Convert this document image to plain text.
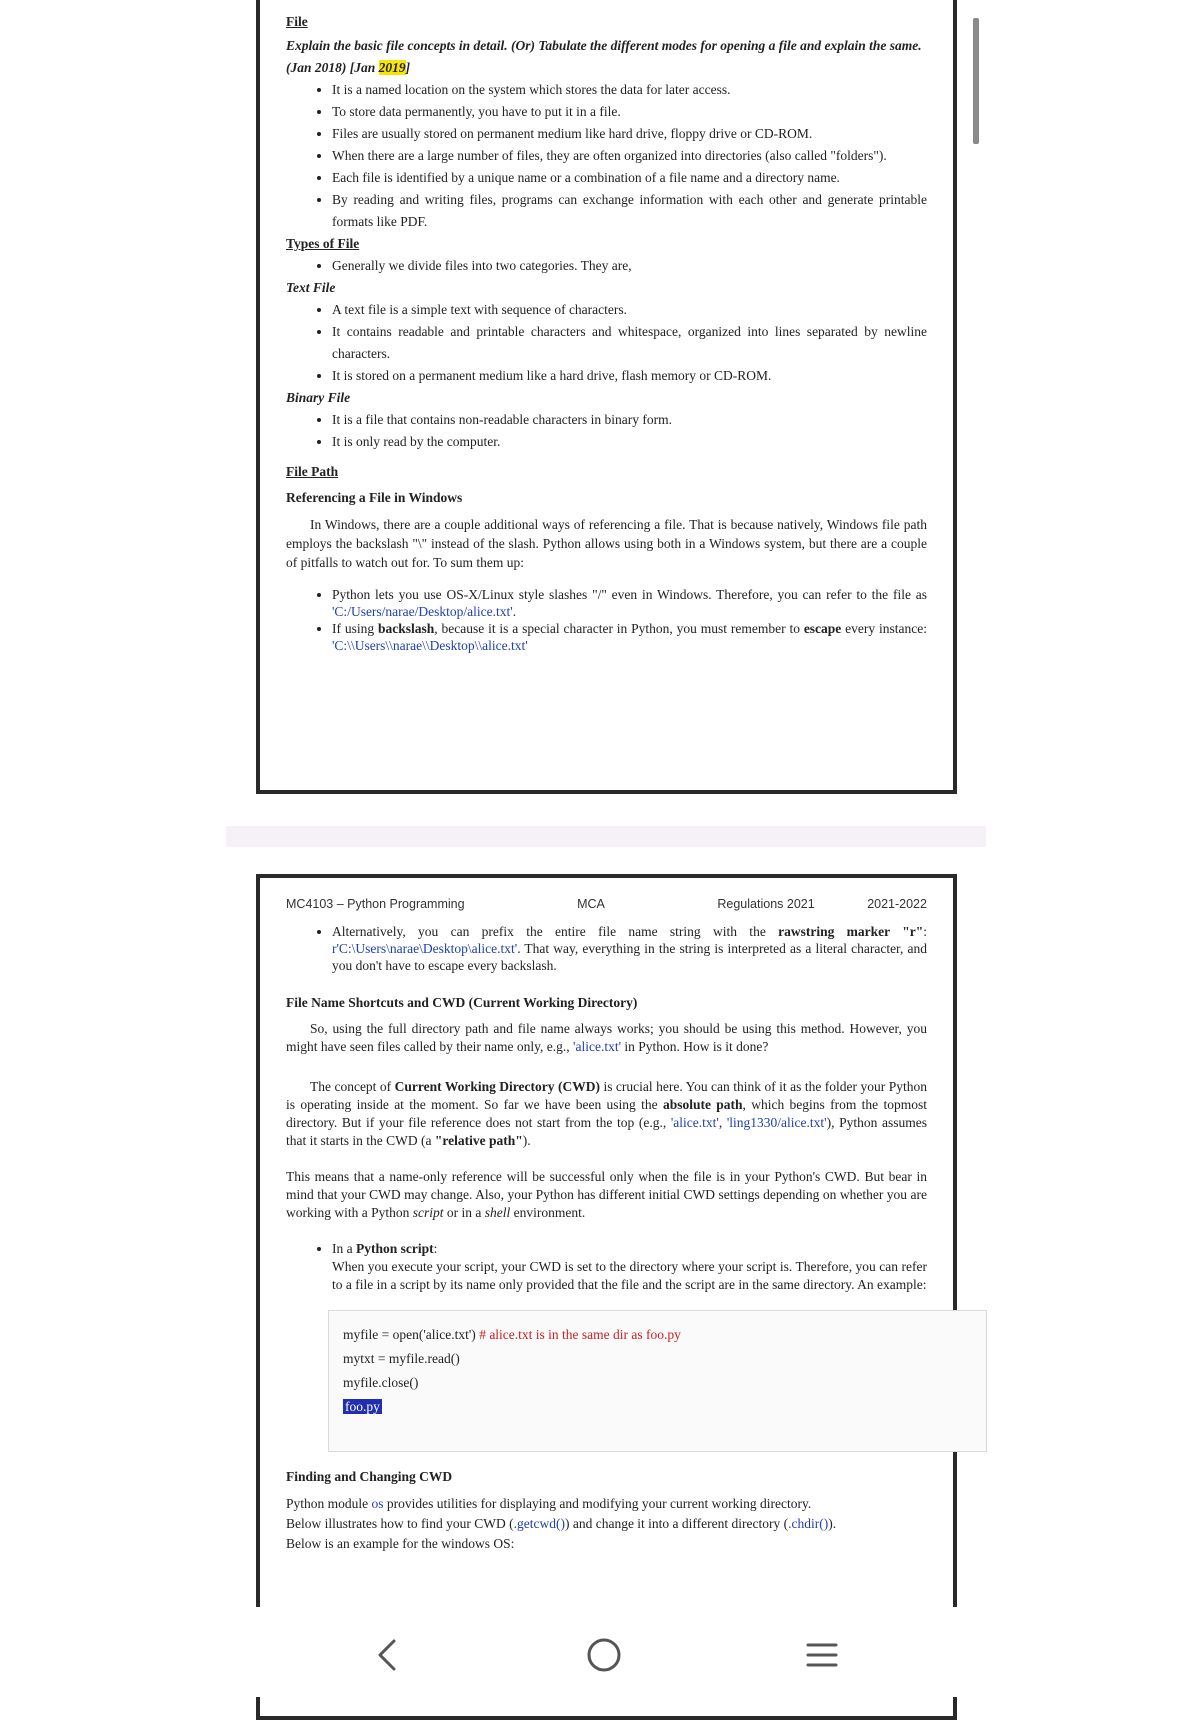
File
Explain the basic file concepts in detail. (Or) Tabulate the different modes for opening a file and explain the same. (Jan 2018) [Jan 2019]
• It is a named location on the system which stores the data for later access.
• To store data permanently, you have to put it in a file.
• Files are usually stored on permanent medium like hard drive, floppy drive or CD-ROM.
• When there are a large number of files, they are often organized into directories (also called "folders").
• Each file is identified by a unique name or a combination of a file name and a directory name.
• By reading and writing files, programs can exchange information with each other and generate printable formats like PDF.
Types of File
• Generally we divide files into two categories. They are,
Text File
• A text file is a simple text with sequence of characters.
• It contains readable and printable characters and whitespace, organized into lines separated by newline characters.
• It is stored on a permanent medium like a hard drive, flash memory or CD-ROM.
Binary File
• It is a file that contains non-readable characters in binary form.
• It is only read by the computer.
File Path
Referencing a File in Windows
In Windows, there are a couple additional ways of referencing a file. That is because natively, Windows file path employs the backslash "\" instead of the slash. Python allows using both in a Windows system, but there are a couple of pitfalls to watch out for. To sum them up:
• Python lets you use OS-X/Linux style slashes "/" even in Windows. Therefore, you can refer to the file as 'C:/Users/narae/Desktop/alice.txt'.
• If using backslash, because it is a special character in Python, you must remember to escape every instance: 'C:\\Users\\narae\\Desktop\\alice.txt'
MC4103 – Python Programming	MCA	Regulations 2021	2021-2022
• Alternatively, you can prefix the entire file name string with the rawstring marker "r": r'C:\Users\narae\Desktop\alice.txt'. That way, everything in the string is interpreted as a literal character, and you don't have to escape every backslash.
File Name Shortcuts and CWD (Current Working Directory)
So, using the full directory path and file name always works; you should be using this method. However, you might have seen files called by their name only, e.g., 'alice.txt' in Python. How is it done?
The concept of Current Working Directory (CWD) is crucial here. You can think of it as the folder your Python is operating inside at the moment. So far we have been using the absolute path, which begins from the topmost directory. But if your file reference does not start from the top (e.g., 'alice.txt', 'ling1330/alice.txt'), Python assumes that it starts in the CWD (a "relative path").
This means that a name-only reference will be successful only when the file is in your Python's CWD. But bear in mind that your CWD may change. Also, your Python has different initial CWD settings depending on whether you are working with a Python script or in a shell environment.
• In a Python script:
When you execute your script, your CWD is set to the directory where your script is. Therefore, you can refer to a file in a script by its name only provided that the file and the script are in the same directory. An example:
myfile = open('alice.txt') # alice.txt is in the same dir as foo.py
mytxt = myfile.read()
myfile.close()
foo.py
Finding and Changing CWD
Python module os provides utilities for displaying and modifying your current working directory.
Below illustrates how to find your CWD (.getcwd()) and change it into a different directory (.chdir()).
Below is an example for the windows OS:
